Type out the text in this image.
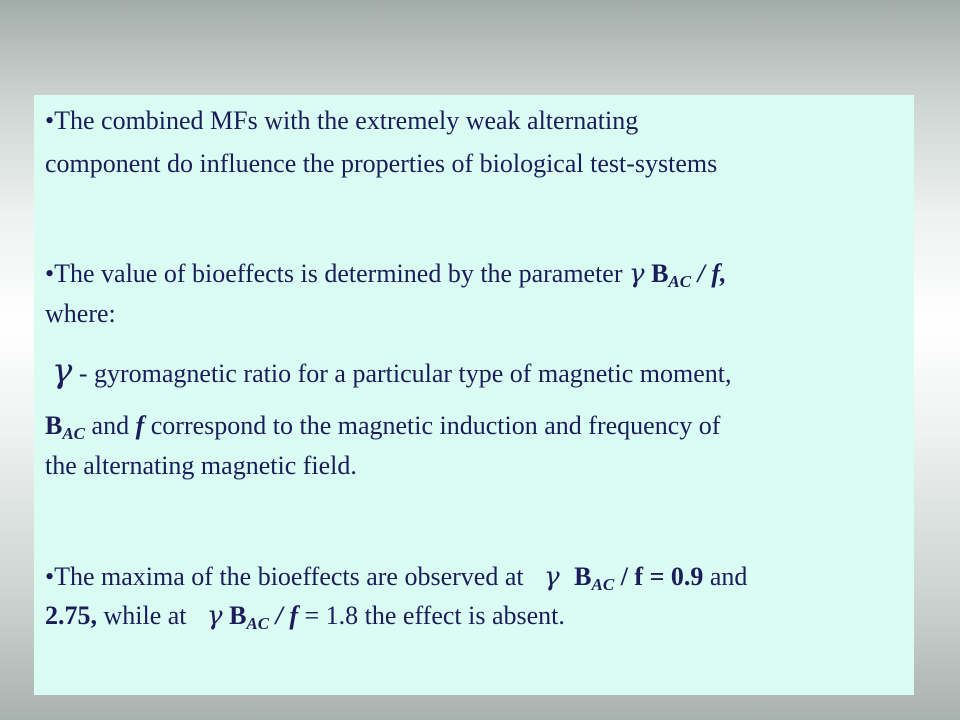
•The combined MFs with the extremely weak alternating
component do influence the properties of biological test-systems
•The value of bioeffects is determined by the parameter γ $B_{AC}$ / f,
where:
γ - gyromagnetic ratio for a particular type of magnetic moment,
$B_{AC}$ and f correspond to the magnetic induction and frequency of
the alternating magnetic field.
•The maxima of the bioeffects are observed at γ $B_{AC} / f = 0.9$ and
2.75, while at γ $B_{AC} / f = 1.8$ the effect is absent.
